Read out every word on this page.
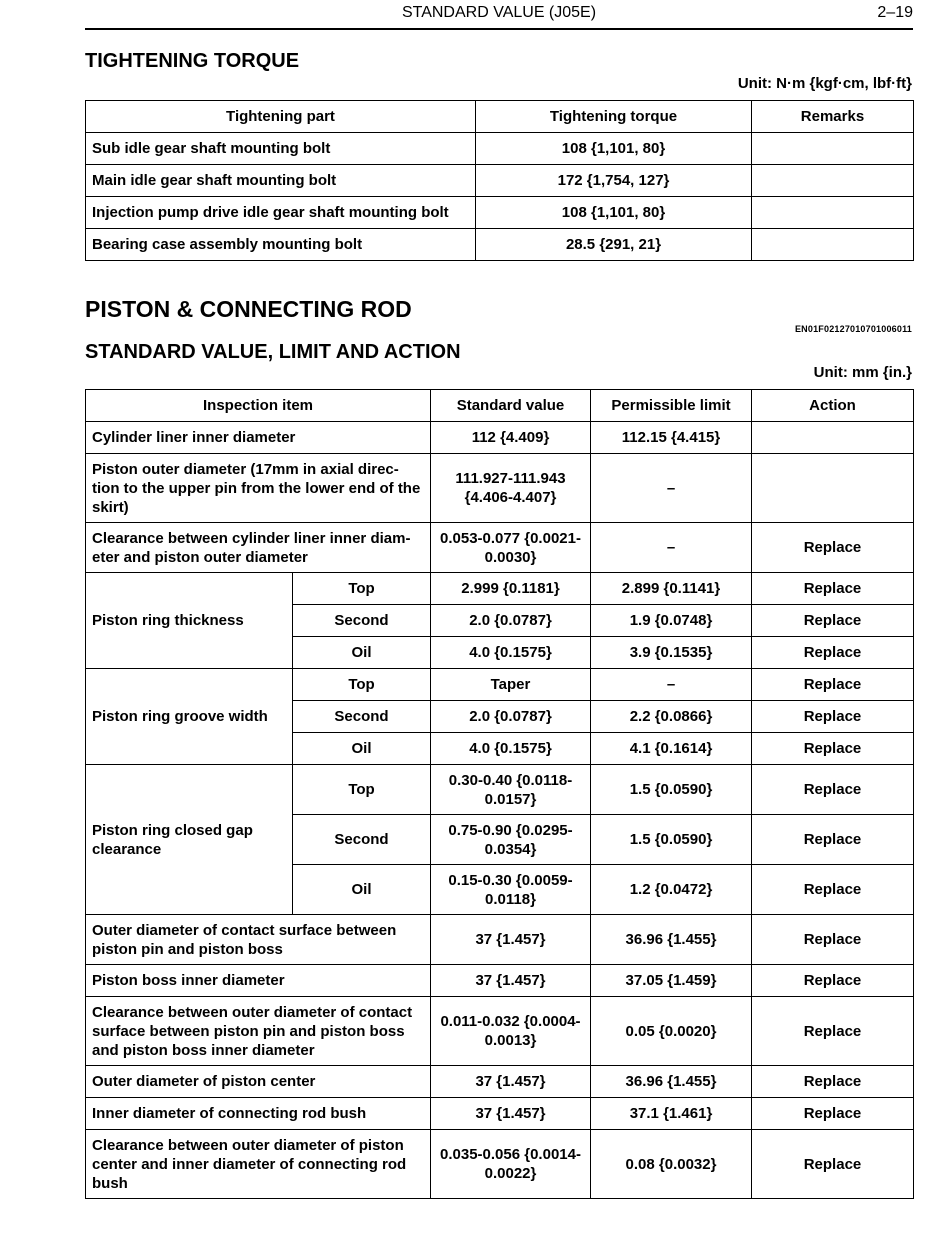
STANDARD VALUE (J05E)	2–19
TIGHTENING TORQUE
Unit: N·m {kgf·cm, lbf·ft}
Tightening part	Tightening torque	Remarks
Sub idle gear shaft mounting bolt	108 {1,101, 80}	
Main idle gear shaft mounting bolt	172 {1,754, 127}	
Injection pump drive idle gear shaft mounting bolt	108 {1,101, 80}	
Bearing case assembly mounting bolt	28.5 {291, 21}	
PISTON & CONNECTING ROD
EN01F02127010701006011
STANDARD VALUE, LIMIT AND ACTION
Unit: mm {in.}
Inspection item		Standard value	Permissible limit	Action
Cylinder liner inner diameter		112 {4.409}	112.15 {4.415}	
Piston outer diameter (17mm in axial direc-tion to the upper pin from the lower end of the skirt)		111.927-111.943 {4.406-4.407}	–	
Clearance between cylinder liner inner diam-eter and piston outer diameter		0.053-0.077 {0.0021-0.0030}	–	Replace
Piston ring thickness	Top	2.999 {0.1181}	2.899 {0.1141}	Replace
	Second	2.0 {0.0787}	1.9 {0.0748}	Replace
	Oil	4.0 {0.1575}	3.9 {0.1535}	Replace
Piston ring groove width	Top	Taper	–	Replace
	Second	2.0 {0.0787}	2.2 {0.0866}	Replace
	Oil	4.0 {0.1575}	4.1 {0.1614}	Replace
Piston ring closed gap clearance	Top	0.30-0.40 {0.0118-0.0157}	1.5 {0.0590}	Replace
	Second	0.75-0.90 {0.0295-0.0354}	1.5 {0.0590}	Replace
	Oil	0.15-0.30 {0.0059-0.0118}	1.2 {0.0472}	Replace
Outer diameter of contact surface between piston pin and piston boss		37 {1.457}	36.96 {1.455}	Replace
Piston boss inner diameter		37 {1.457}	37.05 {1.459}	Replace
Clearance between outer diameter of contact surface between piston pin and piston boss and piston boss inner diameter		0.011-0.032 {0.0004-0.0013}	0.05 {0.0020}	Replace
Outer diameter of piston center		37 {1.457}	36.96 {1.455}	Replace
Inner diameter of connecting rod bush		37 {1.457}	37.1 {1.461}	Replace
Clearance between outer diameter of piston center and inner diameter of connecting rod bush		0.035-0.056 {0.0014-0.0022}	0.08 {0.0032}	Replace
